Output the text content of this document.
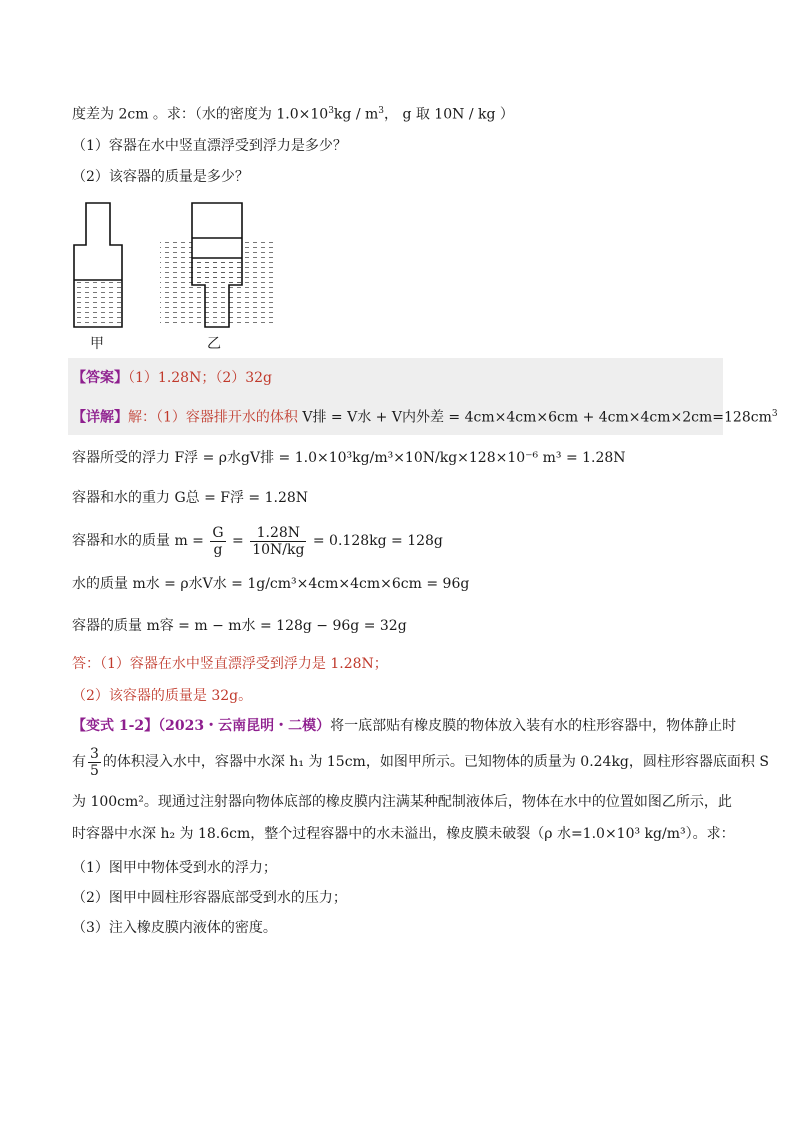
度差为 2cm 。求：（水的密度为 $1.0\times 10^3kg / m^3$， g 取 10N / kg ）
（1）容器在水中竖直漂浮受到浮力是多少？
（2）该容器的质量是多少？
甲	乙
【答案】（1）1.28N；（2）32g
【详解】解：（1）容器排开水的体积 V排 = V水 + V内外差 = $4cm\times 4cm\times 6cm + 4cm\times 4cm\times 2cm=128cm^3$
容器所受的浮力 F浮 = ρ水gV排 = 1.0×10³kg/m³×10N/kg×128×10⁻⁶ m³ = 1.28N
容器和水的重力 G总 = F浮 = 1.28N
容器和水的质量 $m = \frac{G}{g} = \frac{1.28N}{10N/kg} = 0.128kg = 128g$
水的质量 m水 = ρ水V水 = 1g/cm³×4cm×4cm×6cm = 96g
容器的质量 m容 = m − m水 = 128g − 96g = 32g
答：（1）容器在水中竖直漂浮受到浮力是 1.28N；
（2）该容器的质量是 32g。
【变式 1-2】（2023・云南昆明・二模）将一底部贴有橡皮膜的物体放入装有水的柱形容器中，物体静止时
有 $\frac{3}{5}$ 的体积浸入水中，容器中水深 h₁ 为 15cm，如图甲所示。已知物体的质量为 0.24kg，圆柱形容器底面积 S
为 100cm²。现通过注射器向物体底部的橡皮膜内注满某种配制液体后，物体在水中的位置如图乙所示，此
时容器中水深 h₂ 为 18.6cm，整个过程容器中的水未溢出，橡皮膜未破裂（ρ 水=1.0×10³ kg/m³）。求：
（1）图甲中物体受到水的浮力；
（2）图甲中圆柱形容器底部受到水的压力；
（3）注入橡皮膜内液体的密度。
